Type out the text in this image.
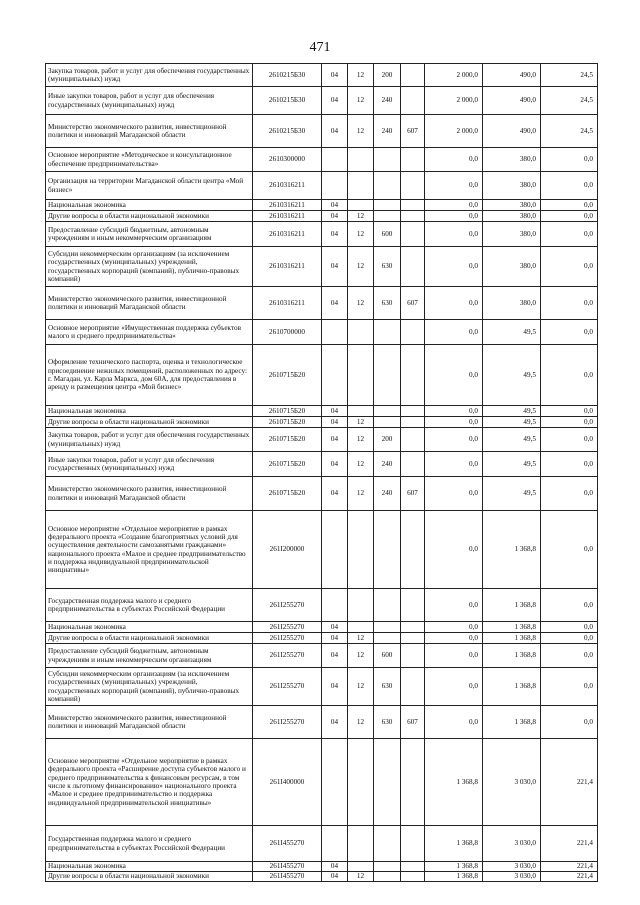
471
Закупка товаров, работ и услуг для обеспечения государственных (муниципальных) нужд	2610215Б30	04	12	200		2 000,0	490,0	24,5
Иные закупки товаров, работ и услуг для обеспечения государственных (муниципальных) нужд	2610215Б30	04	12	240		2 000,0	490,0	24,5
Министерство экономического развития, инвестиционной политики и инноваций Магаданской области	2610215Б30	04	12	240	607	2 000,0	490,0	24,5
Основное мероприятие «Методическое и консультационное обеспечение предпринимательства»	2610300000					0,0	380,0	0,0
Организация на территории Магаданской области центра «Мой бизнес»	2610316211					0,0	380,0	0,0
Национальная экономика	2610316211	04				0,0	380,0	0,0
Другие вопросы в области национальной экономики	2610316211	04	12			0,0	380,0	0,0
Предоставление субсидий бюджетным, автономным учреждениям и иным некоммерческим организациям	2610316211	04	12	600		0,0	380,0	0,0
Субсидии некоммерческим организациям (за исключением государственных (муниципальных) учреждений, государственных корпораций (компаний), публично-правовых компаний)	2610316211	04	12	630		0,0	380,0	0,0
Министерство экономического развития, инвестиционной политики и инноваций Магаданской области	2610316211	04	12	630	607	0,0	380,0	0,0
Основное мероприятие «Имущественная поддержка субъектов малого и среднего предпринимательства»	2610700000					0,0	49,5	0,0
Оформление технического паспорта, оценка и технологическое присоединение нежилых помещений, расположенных по адресу: г. Магадан, ул. Карла Маркса, дом 60А, для предоставления в аренду и размещения центра «Мой бизнес»	2610715Б20					0,0	49,5	0,0
Национальная экономика	2610715Б20	04				0,0	49,5	0,0
Другие вопросы в области национальной экономики	2610715Б20	04	12			0,0	49,5	0,0
Закупка товаров, работ и услуг для обеспечения государственных (муниципальных) нужд	2610715Б20	04	12	200		0,0	49,5	0,0
Иные закупки товаров, работ и услуг для обеспечения государственных (муниципальных) нужд	2610715Б20	04	12	240		0,0	49,5	0,0
Министерство экономического развития, инвестиционной политики и инноваций Магаданской области	2610715Б20	04	12	240	607	0,0	49,5	0,0
Основное мероприятие «Отдельное мероприятие в рамках федерального проекта «Создание благоприятных условий для осуществления деятельности самозанятыми гражданами» национального проекта «Малое и среднее предпринимательство и поддержка индивидуальной предпринимательской инициативы»	261I200000					0,0	1 368,8	0,0
Государственная поддержка малого и среднего предпринимательства в субъектах Российской Федерации	261I255270					0,0	1 368,8	0,0
Национальная экономика	261I255270	04				0,0	1 368,8	0,0
Другие вопросы в области национальной экономики	261I255270	04	12			0,0	1 368,8	0,0
Предоставление субсидий бюджетным, автономным учреждениям и иным некоммерческим организациям	261I255270	04	12	600		0,0	1 368,8	0,0
Субсидии некоммерческим организациям (за исключением государственных (муниципальных) учреждений, государственных корпораций (компаний), публично-правовых компаний)	261I255270	04	12	630		0,0	1 368,8	0,0
Министерство экономического развития, инвестиционной политики и инноваций Магаданской области	261I255270	04	12	630	607	0,0	1 368,8	0,0
Основное мероприятие «Отдельное мероприятие в рамках федерального проекта «Расширение доступа субъектов малого и среднего предпринимательства к финансовым ресурсам, в том числе к льготному финансированию» национального проекта «Малое и среднее предпринимательство и поддержка индивидуальной предпринимательской инициативы»	261I400000					1 368,8	3 030,0	221,4
Государственная поддержка малого и среднего предпринимательства в субъектах Российской Федерации	261I455270					1 368,8	3 030,0	221,4
Национальная экономика	261I455270	04				1 368,8	3 030,0	221,4
Другие вопросы в области национальной экономики	261I455270	04	12			1 368,8	3 030,0	221,4
